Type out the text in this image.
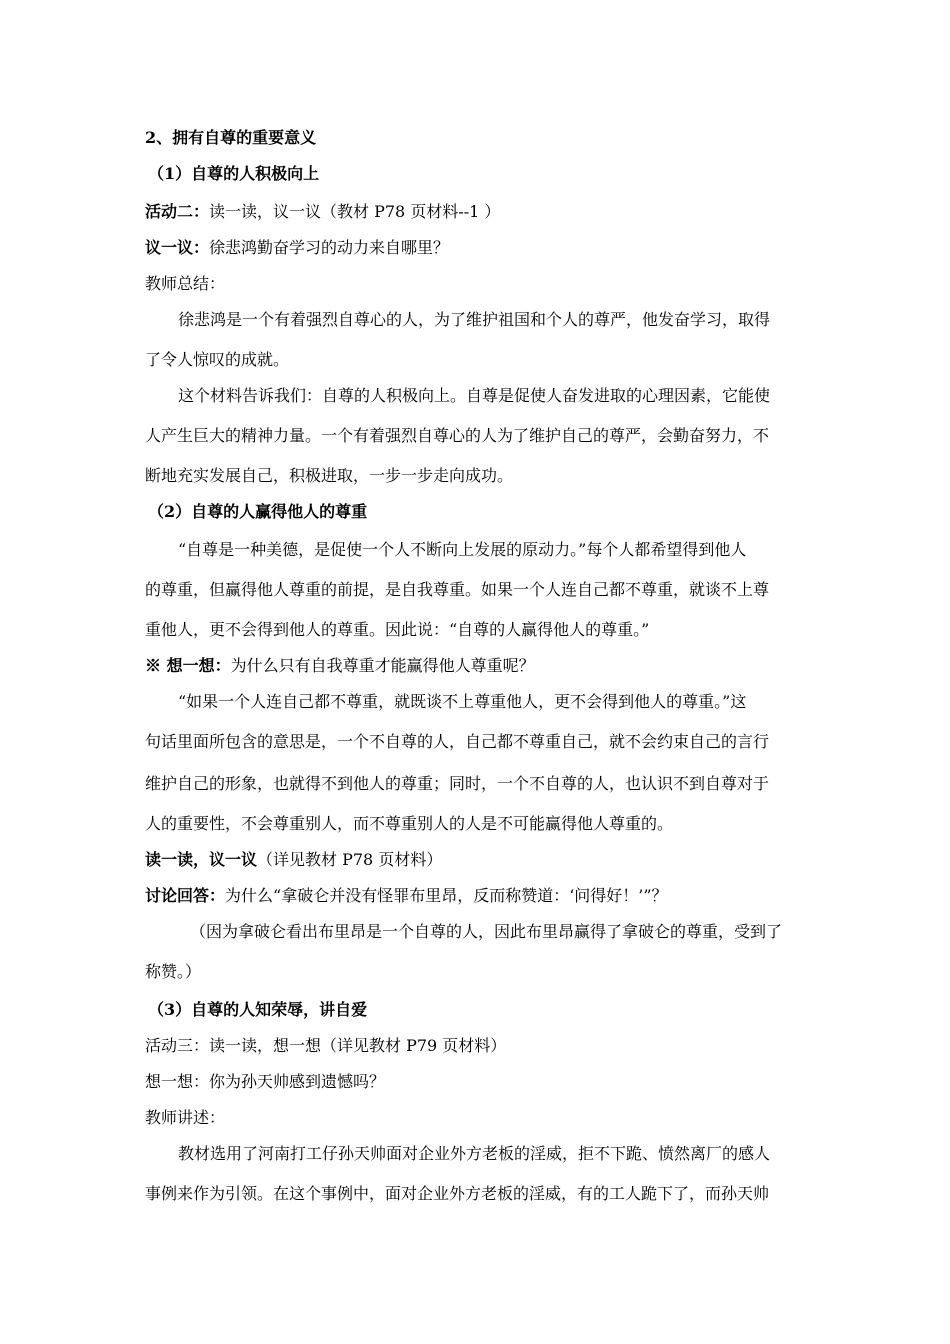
2、拥有自尊的重要意义
（1）自尊的人积极向上
活动二：读一读，议一议（教材 P78 页材料--1 ）
议一议：徐悲鸿勤奋学习的动力来自哪里？
教师总结：
徐悲鸿是一个有着强烈自尊心的人，为了维护祖国和个人的尊严，他发奋学习，取得
了令人惊叹的成就。
这个材料告诉我们：自尊的人积极向上。自尊是促使人奋发进取的心理因素，它能使
人产生巨大的精神力量。一个有着强烈自尊心的人为了维护自己的尊严，会勤奋努力，不
断地充实发展自己，积极进取，一步一步走向成功。
（2）自尊的人赢得他人的尊重
“自尊是一种美德，是促使一个人不断向上发展的原动力。”每个人都希望得到他人
的尊重，但赢得他人尊重的前提，是自我尊重。如果一个人连自己都不尊重，就谈不上尊
重他人，更不会得到他人的尊重。因此说：“自尊的人赢得他人的尊重。”
※ 想一想：为什么只有自我尊重才能赢得他人尊重呢？
“如果一个人连自己都不尊重，就既谈不上尊重他人，更不会得到他人的尊重。”这
句话里面所包含的意思是，一个不自尊的人，自己都不尊重自己，就不会约束自己的言行
维护自己的形象，也就得不到他人的尊重；同时，一个不自尊的人，也认识不到自尊对于
人的重要性，不会尊重别人，而不尊重别人的人是不可能赢得他人尊重的。
读一读，议一议（详见教材 P78 页材料）
讨论回答：为什么“拿破仑并没有怪罪布里昂，反而称赞道：‘问得好！’”？
（因为拿破仑看出布里昂是一个自尊的人，因此布里昂赢得了拿破仑的尊重，受到了
称赞。）
（3）自尊的人知荣辱，讲自爱
活动三：读一读，想一想（详见教材 P79 页材料）
想一想：你为孙天帅感到遗憾吗？
教师讲述：
教材选用了河南打工仔孙天帅面对企业外方老板的淫威，拒不下跪、愤然离厂的感人
事例来作为引领。在这个事例中，面对企业外方老板的淫威，有的工人跪下了，而孙天帅
